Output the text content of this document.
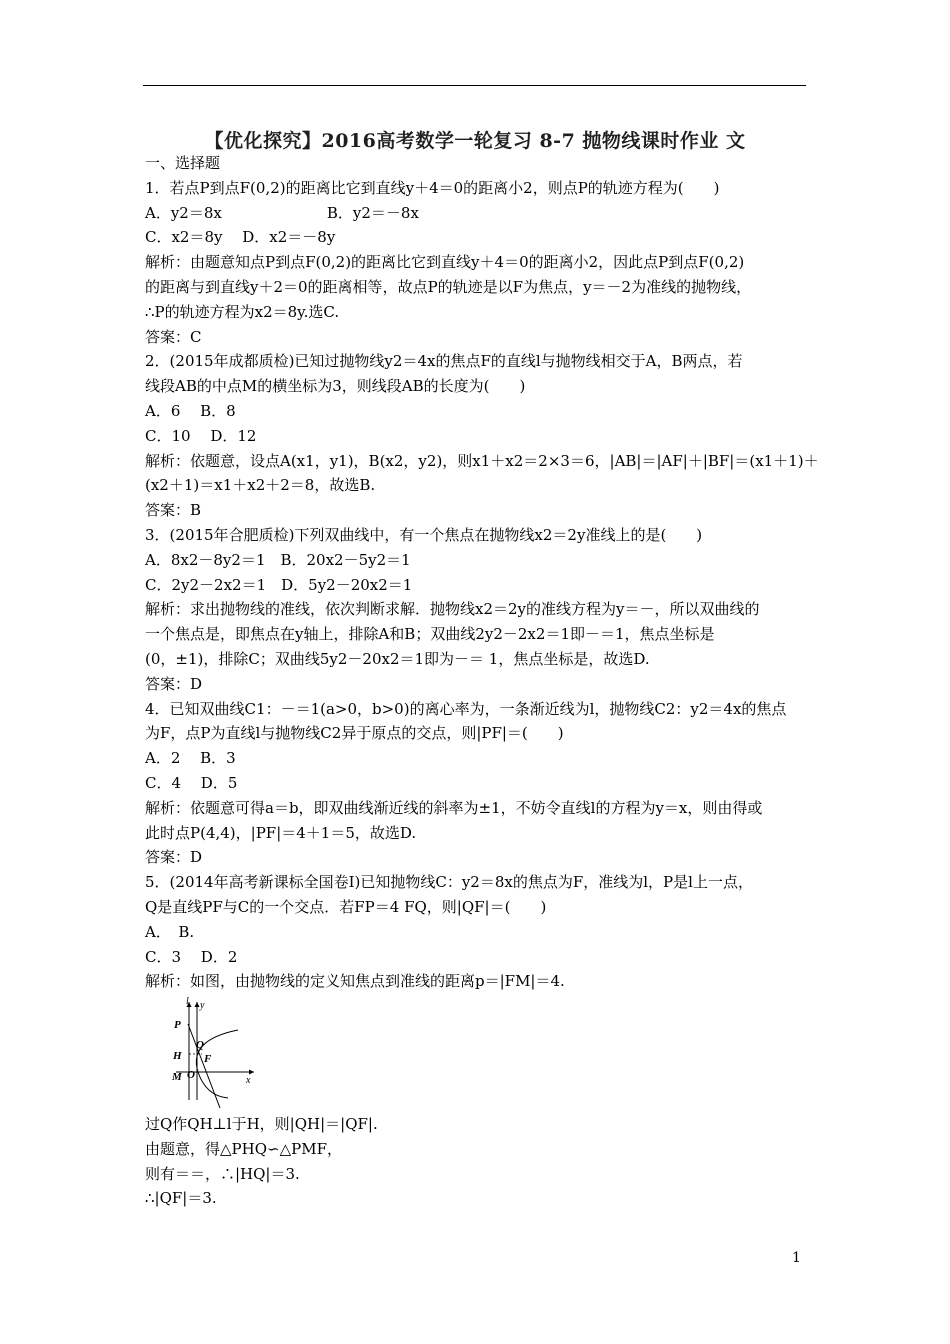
【优化探究】2016高考数学一轮复习 8-7 抛物线课时作业 文
一、选择题
1．若点P到点F(0,2)的距离比它到直线y＋4＝0的距离小2，则点P的轨迹方程为(　　)
A．y2＝8x　　　　　　　B．y2＝－8x
C．x2＝8y　 D．x2＝－8y
解析：由题意知点P到点F(0,2)的距离比它到直线y＋4＝0的距离小2，因此点P到点F(0,2)
的距离与到直线y＋2＝0的距离相等，故点P的轨迹是以F为焦点，y＝－2为准线的抛物线，
∴P的轨迹方程为x2＝8y.选C.
答案：C
2．(2015年成都质检)已知过抛物线y2＝4x的焦点F的直线l与抛物线相交于A，B两点，若
线段AB的中点M的横坐标为3，则线段AB的长度为(　　)
A．6　 B．8
C．10　 D．12
解析：依题意，设点A(x1，y1)，B(x2，y2)，则x1＋x2＝2×3＝6，|AB|＝|AF|＋|BF|＝(x1＋1)＋
(x2＋1)＝x1＋x2＋2＝8，故选B.
答案：B
3．(2015年合肥质检)下列双曲线中，有一个焦点在抛物线x2＝2y准线上的是(　　)
A．8x2－8y2＝1　B．20x2－5y2＝1
C．2y2－2x2＝1　D．5y2－20x2＝1
解析：求出抛物线的准线，依次判断求解．抛物线x2＝2y的准线方程为y＝－，所以双曲线的
一个焦点是，即焦点在y轴上，排除A和B；双曲线2y2－2x2＝1即－＝1，焦点坐标是
(0，±1)，排除C；双曲线5y2－20x2＝1即为－＝ 1，焦点坐标是，故选D.
答案：D
4．已知双曲线C1：－＝1(a>0，b>0)的离心率为，一条渐近线为l，抛物线C2：y2＝4x的焦点
为F，点P为直线l与抛物线C2异于原点的交点，则|PF|＝(　　)
A．2　 B．3
C．4　 D．5
解析：依题意可得a＝b，即双曲线渐近线的斜率为±1，不妨令直线l的方程为y＝x，则由得或
此时点P(4,4)，|PF|＝4＋1＝5，故选D.
答案：D
5．(2014年高考新课标全国卷Ⅰ)已知抛物线C：y2＝8x的焦点为F，准线为l，P是l上一点，
Q是直线PF与C的一个交点．若FP＝4 FQ，则|QF|＝(　　)
A．　B.
C．3　 D．2
解析：如图，由抛物线的定义知焦点到准线的距离p＝|FM|＝4.
l y
P
Q
H F
M O	x
过Q作QH⊥l于H，则|QH|＝|QF|.
由题意，得△PHQ∽△PMF，
则有＝＝，∴|HQ|＝3.
∴|QF|＝3.
1
